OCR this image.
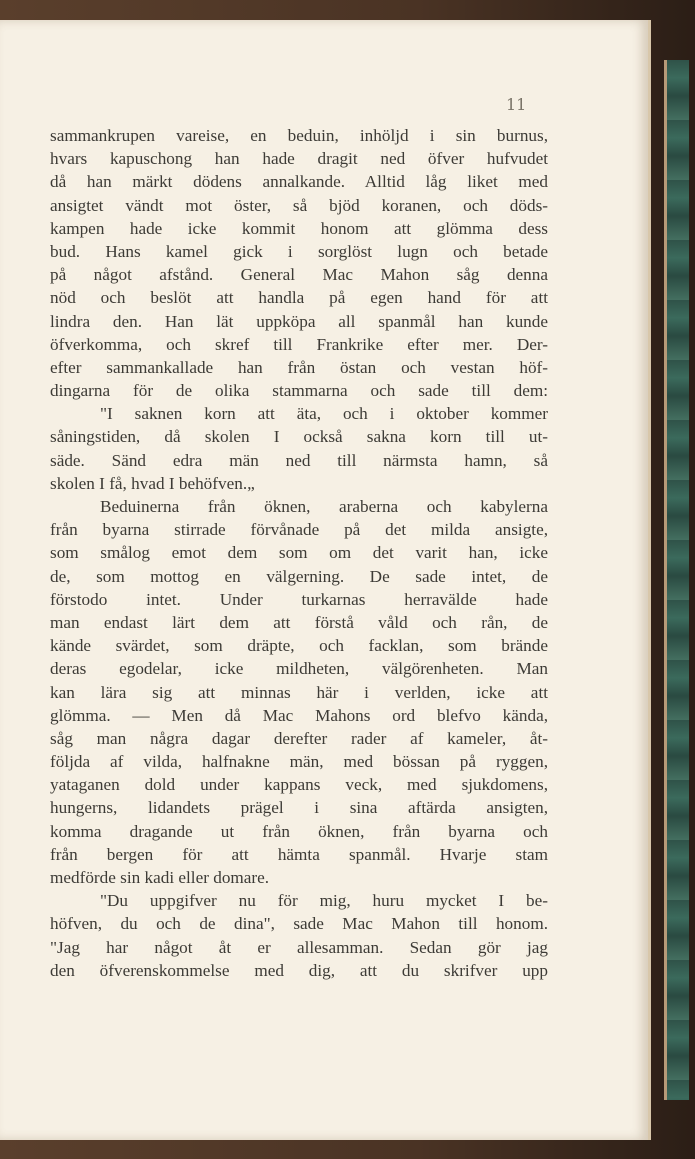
11
sammankrupen vareise, en beduin, inhöljd i sin burnus,
hvars kapuschong han hade dragit ned öfver hufvudet
då han märkt dödens annalkande. Alltid låg liket med
ansigtet vändt mot öster, så bjöd koranen, och döds-
kampen hade icke kommit honom att glömma dess
bud. Hans kamel gick i sorglöst lugn och betade
på något afstånd. General Mac Mahon såg denna
nöd och beslöt att handla på egen hand för att
lindra den. Han lät uppköpa all spanmål han kunde
öfverkomma, och skref till Frankrike efter mer. Der-
efter sammankallade han från östan och vestan höf-
dingarna för de olika stammarna och sade till dem:
"I saknen korn att äta, och i oktober kommer
såningstiden, då skolen I också sakna korn till ut-
säde. Sänd edra män ned till närmsta hamn, så
skolen I få, hvad I behöfven.„
Beduinerna från öknen, araberna och kabylerna
från byarna stirrade förvånade på det milda ansigte,
som smålog emot dem som om det varit han, icke
de, som mottog en välgerning. De sade intet, de
förstodo intet. Under turkarnas herravälde hade
man endast lärt dem att förstå våld och rån, de
kände svärdet, som dräpte, och facklan, som brände
deras egodelar, icke mildheten, välgörenheten. Man
kan lära sig att minnas här i verlden, icke att
glömma. — Men då Mac Mahons ord blefvo kända,
såg man några dagar derefter rader af kameler, åt-
följda af vilda, halfnakne män, med bössan på ryggen,
yataganen dold under kappans veck, med sjukdomens,
hungerns, lidandets prägel i sina aftärda ansigten,
komma dragande ut från öknen, från byarna och
från bergen för att hämta spanmål. Hvarje stam
medförde sin kadi eller domare.
"Du uppgifver nu för mig, huru mycket I be-
höfven, du och de dina", sade Mac Mahon till honom.
"Jag har något åt er allesamman. Sedan gör jag
den öfverenskommelse med dig, att du skrifver upp
